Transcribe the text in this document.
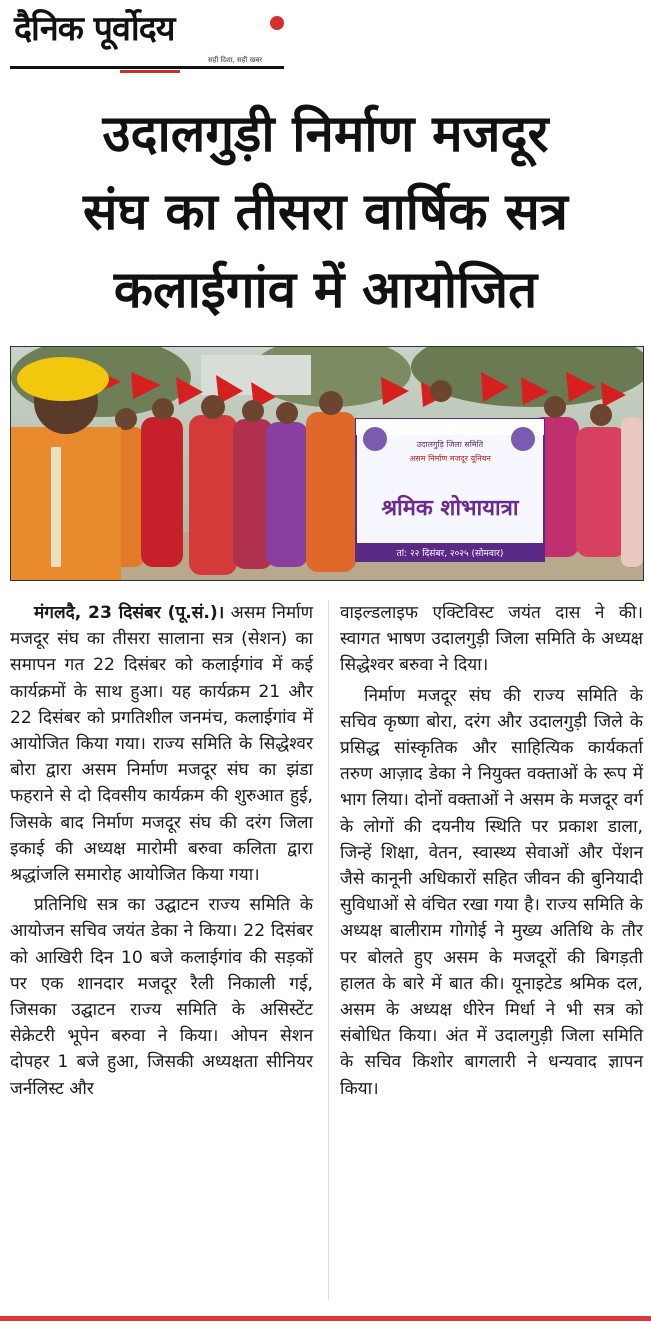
दैनिक पूर्वोदय
सही दिशा, सही खबर
उदालगुड़ी निर्माण मजदूर
संघ का तीसरा वार्षिक सत्र
कलाईगांव में आयोजित
उदालगुड़ि जिला समिति
असम निर्माण मजदूर यूनियन
श्रमिक शोभायात्रा
तां: २२ दिसंबर, २०२५ (सोमवार)

मंगलदै, 23 दिसंबर (पू.सं.)। असम निर्माण मजदूर संघ का तीसरा सालाना सत्र (सेशन) का समापन गत 22 दिसंबर को कलाईगांव में कई कार्यक्रमों के साथ हुआ। यह कार्यक्रम 21 और 22 दिसंबर को प्रगतिशील जनमंच, कलाईगांव में आयोजित किया गया। राज्य समिति के सिद्धेश्वर बोरा द्वारा असम निर्माण मजदूर संघ का झंडा फहराने से दो दिवसीय कार्यक्रम की शुरुआत हुई, जिसके बाद निर्माण मजदूर संघ की दरंग जिला इकाई की अध्यक्ष मारोमी बरुवा कलिता द्वारा श्रद्धांजलि समारोह आयोजित किया गया।

प्रतिनिधि सत्र का उद्घाटन राज्य समिति के आयोजन सचिव जयंत डेका ने किया। 22 दिसंबर को आखिरी दिन 10 बजे कलाईगांव की सड़कों पर एक शानदार मजदूर रैली निकाली गई, जिसका उद्घाटन राज्य समिति के असिस्टेंट सेक्रेटरी भूपेन बरुवा ने किया। ओपन सेशन दोपहर 1 बजे हुआ, जिसकी अध्यक्षता सीनियर जर्नलिस्ट और

वाइल्डलाइफ एक्टिविस्ट जयंत दास ने की। स्वागत भाषण उदालगुड़ी जिला समिति के अध्यक्ष सिद्धेश्वर बरुवा ने दिया।

निर्माण मजदूर संघ की राज्य समिति के सचिव कृष्णा बोरा, दरंग और उदालगुड़ी जिले के प्रसिद्ध सांस्कृतिक और साहित्यिक कार्यकर्ता तरुण आज़ाद डेका ने नियुक्त वक्ताओं के रूप में भाग लिया। दोनों वक्ताओं ने असम के मजदूर वर्ग के लोगों की दयनीय स्थिति पर प्रकाश डाला, जिन्हें शिक्षा, वेतन, स्वास्थ्य सेवाओं और पेंशन जैसे कानूनी अधिकारों सहित जीवन की बुनियादी सुविधाओं से वंचित रखा गया है। राज्य समिति के अध्यक्ष बालीराम गोगोई ने मुख्य अतिथि के तौर पर बोलते हुए असम के मजदूरों की बिगड़ती हालत के बारे में बात की। यूनाइटेड श्रमिक दल, असम के अध्यक्ष धीरेन मिर्धा ने भी सत्र को संबोधित किया। अंत में उदालगुड़ी जिला समिति के सचिव किशोर बागलारी ने धन्यवाद ज्ञापन किया।
